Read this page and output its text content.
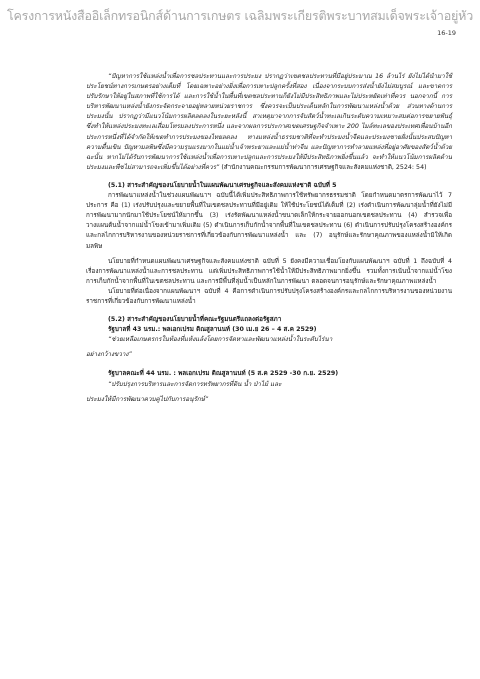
โครงการหนังสืออิเล็กทรอนิกส์ด้านการเกษตร เฉลิมพระเกียรติพระบาทสมเด็จพระเจ้าอยู่หัว
16-19

“ปัญหาการใช้แหล่งน้ำเพื่อการชลประทานและการประมง ปรากฏว่าเขตชลประทานที่มีอยู่ประมาณ 16 ล้านไร่ ยังไม่ได้นำมาใช้ประโยชน์ทางการเกษตรอย่างเต็มที่ โดยเฉพาะอย่างยิ่งเพื่อการเพาะปลูกครั้งที่สอง เนื่องจากระบบการส่งน้ำยังไม่สมบูรณ์ และขาดการปรับรักษาให้อยู่ในสภาพที่ใช้การได้ และการใช้น้ำในพื้นที่เขตชลประทานก็ยังไม่มีประสิทธิภาพและไม่ประหยัดเท่าที่ควร นอกจากนี้ การบริหารพัฒนาแหล่งน้ำยังกระจัดกระจายอยู่หลายหน่วยราชการ ซึ่งควรจะเป็นประเด็นหลักในการพัฒนาแหล่งน้ำด้วย ส่วนทางด้านการประมงนั้น ปรากฏว่ามีแนวโน้มการผลิตลดลงในระยะหลังนี้ สาเหตุมาจากการจับสัตว์น้ำทะเลเกินระดับความเหมาะสมต่อการขยายพันธุ์ ซึ่งทำให้แหล่งประมงทะเลเสื่อมโทรมลงประการหนึ่ง และจากผลการประกาศเขตเศรษฐกิจจำเพาะ 200 ไมล์ทะเลของประเทศเพื่อนบ้านอีกประการหนึ่งที่ได้จำกัดให้เขตทำการประมงของไทยลดลง ทางแหล่งน้ำธรรมชาติที่จะทำประมงน้ำจืดและประมงชายฝั่งนั้นประสบปัญหาความตื้นเขิน ปัญหามลพิษซึ่งมีความรุนแรงมากในแม่น้ำเจ้าพระยาและแม่น้ำท่าจีน และปัญหาการทำลายแหล่งที่อยู่อาศัยของสัตว์น้ำด้วย ฉะนั้น หากไม่ได้รับการพัฒนาการใช้แหล่งน้ำเพื่อการเพาะปลูกและการประมงให้มีประสิทธิภาพยิ่งขึ้นแล้ว จะทำให้แนวโน้มการผลิตด้านประมงและพืชไม่สามารถจะเพิ่มขึ้นได้อย่างที่ควร” (สำนักงานคณะกรรมการพัฒนาการเศรษฐกิจและสังคมแห่งชาติ, 2524: 54)

(5.1) สาระสำคัญของนโยบายน้ำในแผนพัฒนาเศรษฐกิจและสังคมแห่งชาติ ฉบับที่ 5

การพัฒนาแหล่งน้ำในช่วงแผนพัฒนาฯ ฉบับนี้ได้เพิ่มประสิทธิภาพการใช้ทรัพยากรธรรมชาติ โดยกำหนดมาตรการพัฒนาไว้ 7 ประการ คือ (1) เร่งปรับปรุงและขยายพื้นที่ในเขตชลประทานที่มีอยู่เดิม ให้ใช้ประโยชน์ได้เต็มที่ (2) เร่งดำเนินการพัฒนาลุ่มน้ำที่ยังไม่มีการพัฒนามากนักมาใช้ประโยชน์ให้มากขึ้น (3) เร่งรัดพัฒนาแหล่งน้ำขนาดเล็กให้กระจายออกนอกเขตชลประทาน (4) สำรวจเพื่อวางแผนต้นน้ำจากแม่น้ำโขงเข้ามาเพิ่มเติม (5) ดำเนินการเก็บกักน้ำจากพื้นที่ในเขตชลประทาน (6) ดำเนินการปรับปรุงโครงสร้างองค์กรและกลไกการบริหารงานของหน่วยราชการที่เกี่ยวข้องกับการพัฒนาแหล่งน้ำ และ (7) อนุรักษ์และรักษาคุณภาพของแหล่งน้ำมิให้เกิดมลพิษ

นโยบายที่กำหนดแผนพัฒนาเศรษฐกิจและสังคมแห่งชาติ ฉบับที่ 5 ยังคงมีความเชื่อมโยงกับแผนพัฒนาฯ ฉบับที่ 1 ถึงฉบับที่ 4 เรื่องการพัฒนาแหล่งน้ำและการชลประทาน แต่เพิ่มประสิทธิภาพการใช้น้ำให้มีประสิทธิภาพมากยิ่งขึ้น รวมทั้งการเน้นน้ำจากแม่น้ำโขง การเก็บกักน้ำจากพื้นที่ในเขตชลประทาน และการมีพื้นที่ลุ่มน้ำเป็นหลักในการพัฒนา ตลอดจนการอนุรักษ์และรักษาคุณภาพแหล่งน้ำ

นโยบายที่ต่อเนื่องจากแผนพัฒนาฯ ฉบับที่ 4 คือการดำเนินการปรับปรุงโครงสร้างองค์กรและกลไกการบริหารงานของหน่วยงานราชการที่เกี่ยวข้องกับการพัฒนาแหล่งน้ำ

(5.2) สาระสำคัญของนโยบายน้ำที่คณะรัฐมนตรีแถลงต่อรัฐสภา

รัฐบาลที่ 43 นรม.: พลเอกเปรม ติณสูลานนท์ (30 เม.ย 26 – 4 ส.ค 2529)

“ช่วยเหลือเกษตรกรในท้องที่แห้งแล้งโดยการจัดหาและพัฒนาแหล่งน้ำในระดับไร่นา

อย่างกว้างขวาง”

รัฐบาลคณะที่ 44 นรม. : พลเอกเปรม ติณสูลานนท์ (5 ส.ค 2529 -30 ก.ย. 2529)

“ปรับปรุงการบริหารและการจัดการทรัพยากรที่ดิน น้ำ ป่าไม้ และ

ประมงให้มีการพัฒนาควบคู่ไปกับการอนุรักษ์”
